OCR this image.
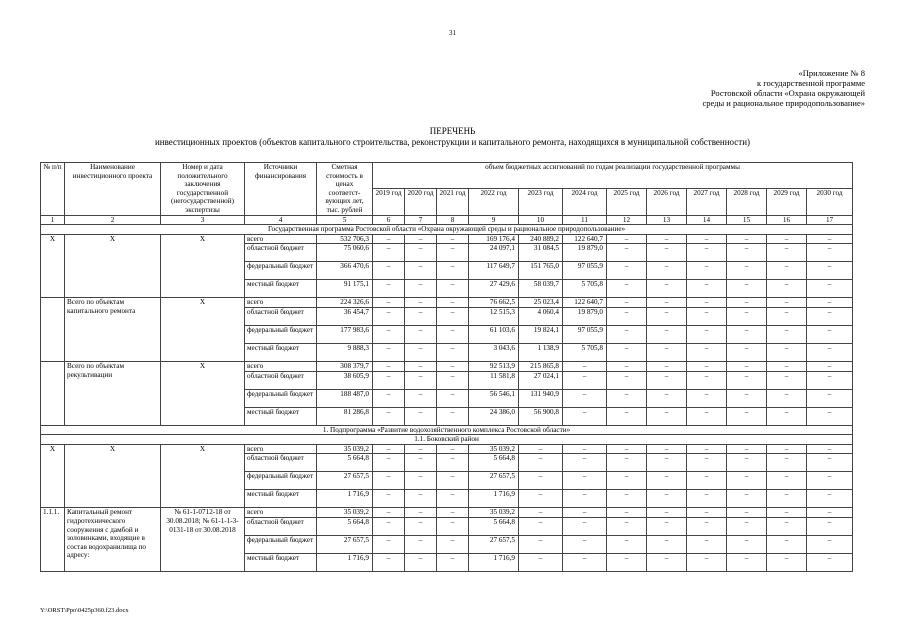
31
«Приложение № 8
к государственной программе
Ростовской области «Охрана окружающей
среды и рациональное природопользование»
ПЕРЕЧЕНЬ
инвестиционных проектов (объектов капитального строительства, реконструкции и капитального ремонта, находящихся в муниципальной собственности)
№ п/п	Наименование инвестиционного проекта	Номер и дата положительного заключения государственной (негосударственной) экспертизы	Источники финансирования	Сметная стоимость в ценах соответст-вующих лет, тыс. рублей	объем бюджетных ассигнований по годам реализации государственной программы											
					2019 год	2020 год	2021 год	2022 год	2023 год	2024 год	2025 год	2026 год	2027 год	2028 год	2029 год	2030 год
1	2	3	4	5	6	7	8	9	10	11	12	13	14	15	16	17
Государственная программа Ростовской области «Охрана окружающей среды и рациональное природопользование»																
Х	Х	Х	всего	532 706,3	–	–	–	169 176,4	240 889,2	122 640,7	–	–	–	–	–	–
			областной бюджет	75 060,6	–	–	–	24 097,1	31 084,5	19 879,0	–	–	–	–	–	–
			федеральный бюджет	366 470,6	–	–	–	117 649,7	151 765,0	97 055,9	–	–	–	–	–	–
			местный бюджет	91 175,1	–	–	–	27 429,6	58 039,7	5 705,8	–	–	–	–	–	–
	Всего по объектам капитального ремонта	Х	всего	224 326,6	–	–	–	76 662,5	25 023,4	122 640,7	–	–	–	–	–	–
			областной бюджет	36 454,7	–	–	–	12 515,3	4 060,4	19 879,0	–	–	–	–	–	–
			федеральный бюджет	177 983,6	–	–	–	61 103,6	19 824,1	97 055,9	–	–	–	–	–	–
			местный бюджет	9 888,3	–	–	–	3 043,6	1 138,9	5 705,8	–	–	–	–	–	–
	Всего по объектам рекультивации	Х	всего	308 379,7	–	–	–	92 513,9	215 865,8	–	–	–	–	–	–	–
			областной бюджет	38 605,9	–	–	–	11 581,8	27 024,1	–	–	–	–	–	–	–
			федеральный бюджет	188 487,0	–	–	–	56 546,1	131 940,9	–	–	–	–	–	–	–
			местный бюджет	81 286,8	–	–	–	24 386,0	56 900,8	–	–	–	–	–	–	–
1. Подпрограмма «Развитие водохозяйственного комплекса Ростовской области»																
1.1. Боковский район																
Х	Х	Х	всего	35 039,2	–	–	–	35 039,2	–	–	–	–	–	–	–	–
			областной бюджет	5 664,8	–	–	–	5 664,8	–	–	–	–	–	–	–	–
			федеральный бюджет	27 657,5	–	–	–	27 657,5	–	–	–	–	–	–	–	–
			местный бюджет	1 716,9	–	–	–	1 716,9	–	–	–	–	–	–	–	–
1.1.1.	Капитальный ремонт гидротехнического сооружения с дамбой и золовинками, входящие в состав водохранилища по адресу:	№ 61-1-0712-18 от 30.08.2018; № 61-1-1-3-0131-18 от 30.08.2018	всего	35 039,2	–	–	–	35 039,2	–	–	–	–	–	–	–	–
			областной бюджет	5 664,8	–	–	–	5 664,8	–	–	–	–	–	–	–	–
			федеральный бюджет	27 657,5	–	–	–	27 657,5	–	–	–	–	–	–	–	–
			местный бюджет	1 716,9	–	–	–	1 716,9	–	–	–	–	–	–	–	–
Y:\ORST\Ppo\0425p360.f23.docx
